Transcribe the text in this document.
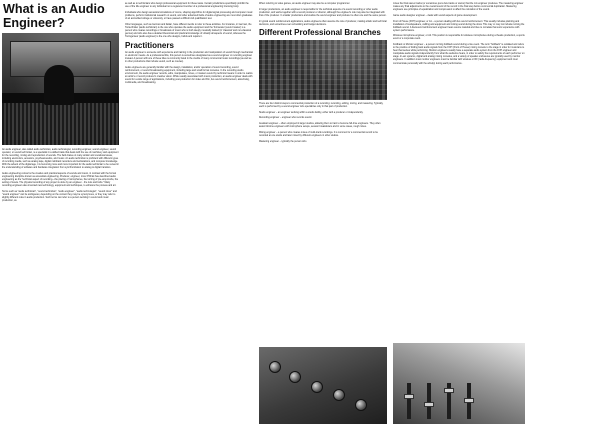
What is an Audio Engineer?

An audio engineer, also called audio technician, audio technologist, recording engineer, sound engineer, sound operator, or sound technician, is a specialist in a skilled trade that deals with the use of machinery and equipment for the recording, mixing and reproduction of sounds. The field draws on many artistic and vocational areas, including electronics, acoustics, psychoacoustics, and music. An audio technician is proficient with different types of recording media, such as analog tape, digital multitrack recorders and workstations, and computer knowledge. With the advent of the digital age, it is becoming more and more important for the audio technician to be versed in the understanding of software and hardware integration from synchronization to analog to digital transfers.

Audio engineering concerns the creative and practical aspects of sounds and music, in contrast with the formal engineering discipline known as acoustical engineering. Producer, engineer, mixer Phil Ek has described audio engineering as the "technical aspect of recording—the placing of microphones, the turning of pre-amp knobs, the setting of levels. The physical recording of any project is done by an engineer... the nuts and bolts." Many recording engineers also invented new technology, equipment and techniques, to enhance the process and art.

Terms such as "audio technician", "sound technician", "audio engineer", "audio technologist", "sound mixer" and "sound engineer" can be ambiguous; depending on the context they may be synonymous, or they may refer to slightly different roles in audio production. Such terms can refer to a person working in sound and music production, as

as well as to technicians who design professional equipment for these tasks. Certain jurisdictions specifically prohibit the use of the title engineer to any individual not a registered member of a professional engineering licensing body.

Individuals who design acoustical simulations of rooms, shaping algorithms for digital signal processing and computer music problems, perform institutional research on sound, and other advanced fields of audio engineering are most often graduates of an accredited college or university, or have passed a difficult civil qualification test.

Other languages, such as German and Italian, have different words to refer to these activities. For instance, in German, the Tontechniker (audio technician) is the one who operates the audio equipment and the Tonmeister (sound master) is a person who creates recordings or broadcasts of music who is both deeply musically trained (in 'classical' and non-classical genres) and who also has a detailed theoretical and practical knowledge of virtually all aspects of sound, whereas the Toningenieur (audio engineer) is the one who designs, builds and repairs it.

Practitioners

An audio engineer is someone with experience and training in the production and manipulation of sound through mechanical or electronic means. As a professional title, this person is sometimes designated as a sound engineer or recording engineer instead. A person with one of these titles is commonly listed in the credits of many commercial music recordings (as well as in other productions that include sound, such as movies).

Audio engineers are generally familiar with the design, installation, and/or operation of sound recording, sound reinforcement, or sound broadcasting equipment, including large and small format consoles. In the recording studio environment, the audio engineer records, edits, manipulates, mixes, or masters sound by technical means in order to realize an artist's or record producer's creative vision. While usually associated with music production, an audio engineer deals with sound for a wide range of applications, including post-production for video and film, live sound reinforcement, advertising, multimedia, and broadcasting.

When referring to video games, an audio engineer may also be a computer programmer.

In larger productions, an audio engineer is responsible for the technical aspects of a sound recording or other audio production, and works together with a record producer or director, although the engineer's role may also be integrated with that of the producer. In smaller productions and studios the sound engineer and producer is often one and the same person.

In typical sound reinforcement applications, audio engineers often assume the role of producer, making artistic and technical decisions, and sometimes even scheduling and budget decisions.

Different Professional Branches

There are four distinct steps to commercial production of a recording: recording, editing, mixing, and mastering. Typically, each is performed by a sound engineer who specializes only in that part of production.

Studio engineer – an engineer working within a studio facility, either with a producer or independently.

Recording engineer – engineer who records sound.

Assistant engineer – often employed in larger studios, allowing them to train to become full-time engineers. They often assist full-time engineers with microphone setups, session breakdowns and in some cases, rough mixes.

Mixing engineer – a person who creates mixes of multi-track recordings. It is common for a commercial record to be recorded at one studio and later mixed by different engineers in other studios.

Mastering engineer – typically the person who

mixes the final stereo tracks (or sometimes just a few tracks or stems) that the mix engineer produces. The mastering engineer makes any final adjustments to the overall sound of the record in the final step before commercial duplication. Mastering engineers use principles of equalization and compression to affect the coloration of the sound.

Game audio designer engineer – deals with sound aspects of game development.

Front of House (FOH) engineer, or A1 – a person dealing with live sound reinforcement. This usually includes planning and installation of loudspeakers, cabling and equipment and mixing sound during the show. This may or may not include running the foldback sound. A live/sound reinforcement engineer hears source material and tries to correlate that sonic experience with system performance.

Wireless microphone engineer, or A2. This position is responsible for wireless microphones during a theatre production, a sports event or a corporate event.

Foldback or Monitor engineer – a person running foldback sound during a live event. The term "foldback" is outdated and refers to the practice of folding back audio signals from the FOH (Front of House) mixing console to the stage in order for musicians to hear themselves while performing. Monitor engineers usually have a separate audio system from the FOH engineer and manipulate audio signals independently from what the audience hears, in order to satisfy the requirements of each performer on stage. In-ear systems, digital and analog mixing consoles, and a variety of speaker enclosures are typically used by monitor engineers. In addition most monitor engineers must be familiar with wireless or RF (radio-frequency) equipment and must communicate personally with the artist(s) during each performance.
